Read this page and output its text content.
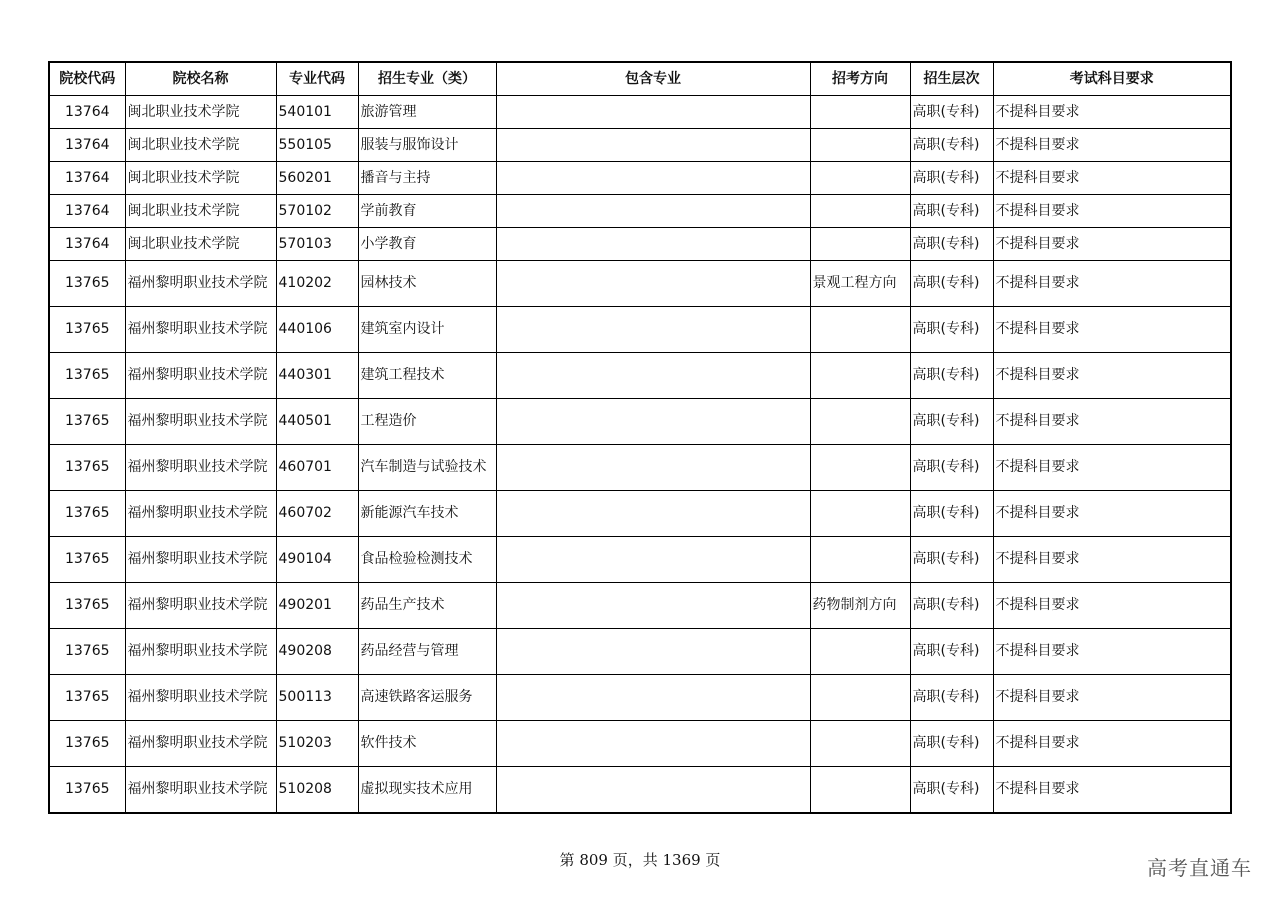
院校代码	院校名称	专业代码	招生专业（类）	包含专业	招考方向	招生层次	考试科目要求
13764	闽北职业技术学院	540101	旅游管理			高职(专科)	不提科目要求
13764	闽北职业技术学院	550105	服装与服饰设计			高职(专科)	不提科目要求
13764	闽北职业技术学院	560201	播音与主持			高职(专科)	不提科目要求
13764	闽北职业技术学院	570102	学前教育			高职(专科)	不提科目要求
13764	闽北职业技术学院	570103	小学教育			高职(专科)	不提科目要求
13765	福州黎明职业技术学院	410202	园林技术		景观工程方向	高职(专科)	不提科目要求
13765	福州黎明职业技术学院	440106	建筑室内设计			高职(专科)	不提科目要求
13765	福州黎明职业技术学院	440301	建筑工程技术			高职(专科)	不提科目要求
13765	福州黎明职业技术学院	440501	工程造价			高职(专科)	不提科目要求
13765	福州黎明职业技术学院	460701	汽车制造与试验技术			高职(专科)	不提科目要求
13765	福州黎明职业技术学院	460702	新能源汽车技术			高职(专科)	不提科目要求
13765	福州黎明职业技术学院	490104	食品检验检测技术			高职(专科)	不提科目要求
13765	福州黎明职业技术学院	490201	药品生产技术		药物制剂方向	高职(专科)	不提科目要求
13765	福州黎明职业技术学院	490208	药品经营与管理			高职(专科)	不提科目要求
13765	福州黎明职业技术学院	500113	高速铁路客运服务			高职(专科)	不提科目要求
13765	福州黎明职业技术学院	510203	软件技术			高职(专科)	不提科目要求
13765	福州黎明职业技术学院	510208	虚拟现实技术应用			高职(专科)	不提科目要求
第 809 页，共 1369 页	高考直通车
